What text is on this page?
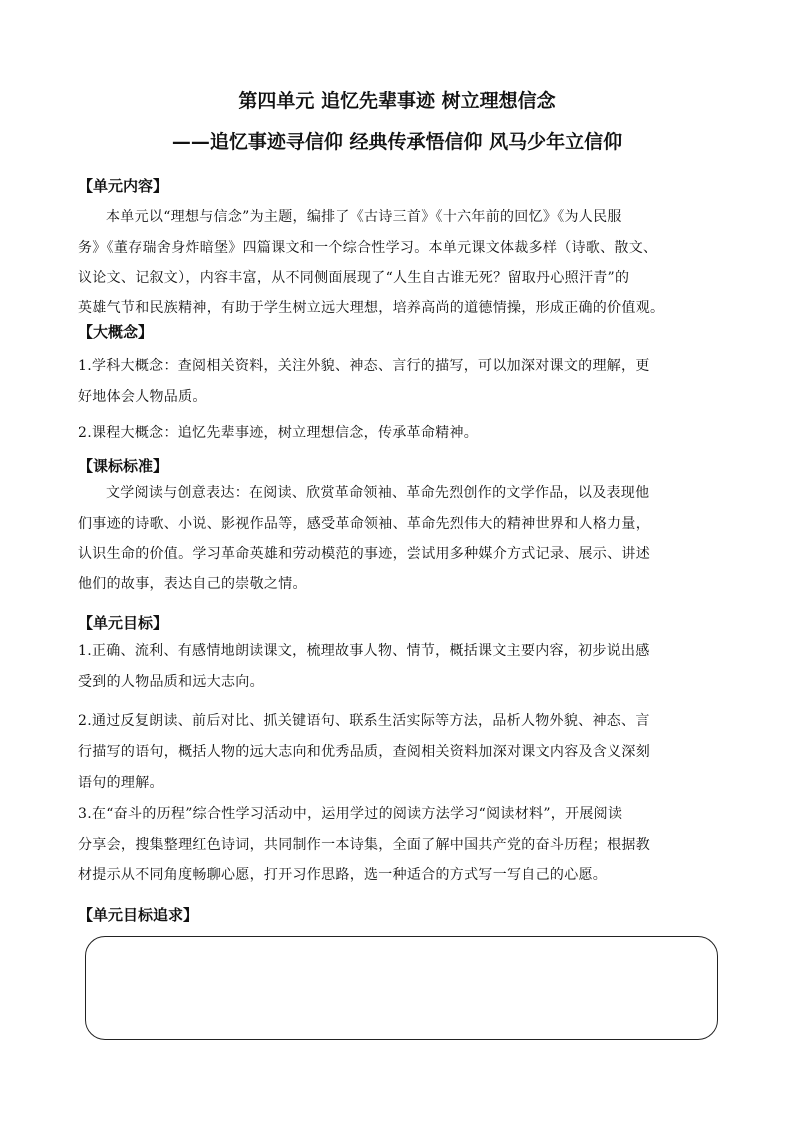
第四单元 追忆先辈事迹 树立理想信念
——追忆事迹寻信仰 经典传承悟信仰 风马少年立信仰
【单元内容】
本单元以“理想与信念”为主题，编排了《古诗三首》《十六年前的回忆》《为人民服
务》《董存瑞舍身炸暗堡》四篇课文和一个综合性学习。本单元课文体裁多样（诗歌、散文、
议论文、记叙文），内容丰富，从不同侧面展现了“人生自古谁无死？留取丹心照汗青”的
英雄气节和民族精神，有助于学生树立远大理想，培养高尚的道德情操，形成正确的价值观。
【大概念】
1.学科大概念：查阅相关资料，关注外貌、神态、言行的描写，可以加深对课文的理解，更
好地体会人物品质。
2.课程大概念：追忆先辈事迹，树立理想信念，传承革命精神。
【课标标准】
文学阅读与创意表达：在阅读、欣赏革命领袖、革命先烈创作的文学作品，以及表现他
们事迹的诗歌、小说、影视作品等，感受革命领袖、革命先烈伟大的精神世界和人格力量，
认识生命的价值。学习革命英雄和劳动模范的事迹，尝试用多种媒介方式记录、展示、讲述
他们的故事，表达自己的崇敬之情。
【单元目标】
1.正确、流利、有感情地朗读课文，梳理故事人物、情节，概括课文主要内容，初步说出感
受到的人物品质和远大志向。
2.通过反复朗读、前后对比、抓关键语句、联系生活实际等方法，品析人物外貌、神态、言
行描写的语句，概括人物的远大志向和优秀品质，查阅相关资料加深对课文内容及含义深刻
语句的理解。
3.在“奋斗的历程”综合性学习活动中，运用学过的阅读方法学习“阅读材料”，开展阅读
分享会，搜集整理红色诗词，共同制作一本诗集，全面了解中国共产党的奋斗历程；根据教
材提示从不同角度畅聊心愿，打开习作思路，选一种适合的方式写一写自己的心愿。
【单元目标追求】
